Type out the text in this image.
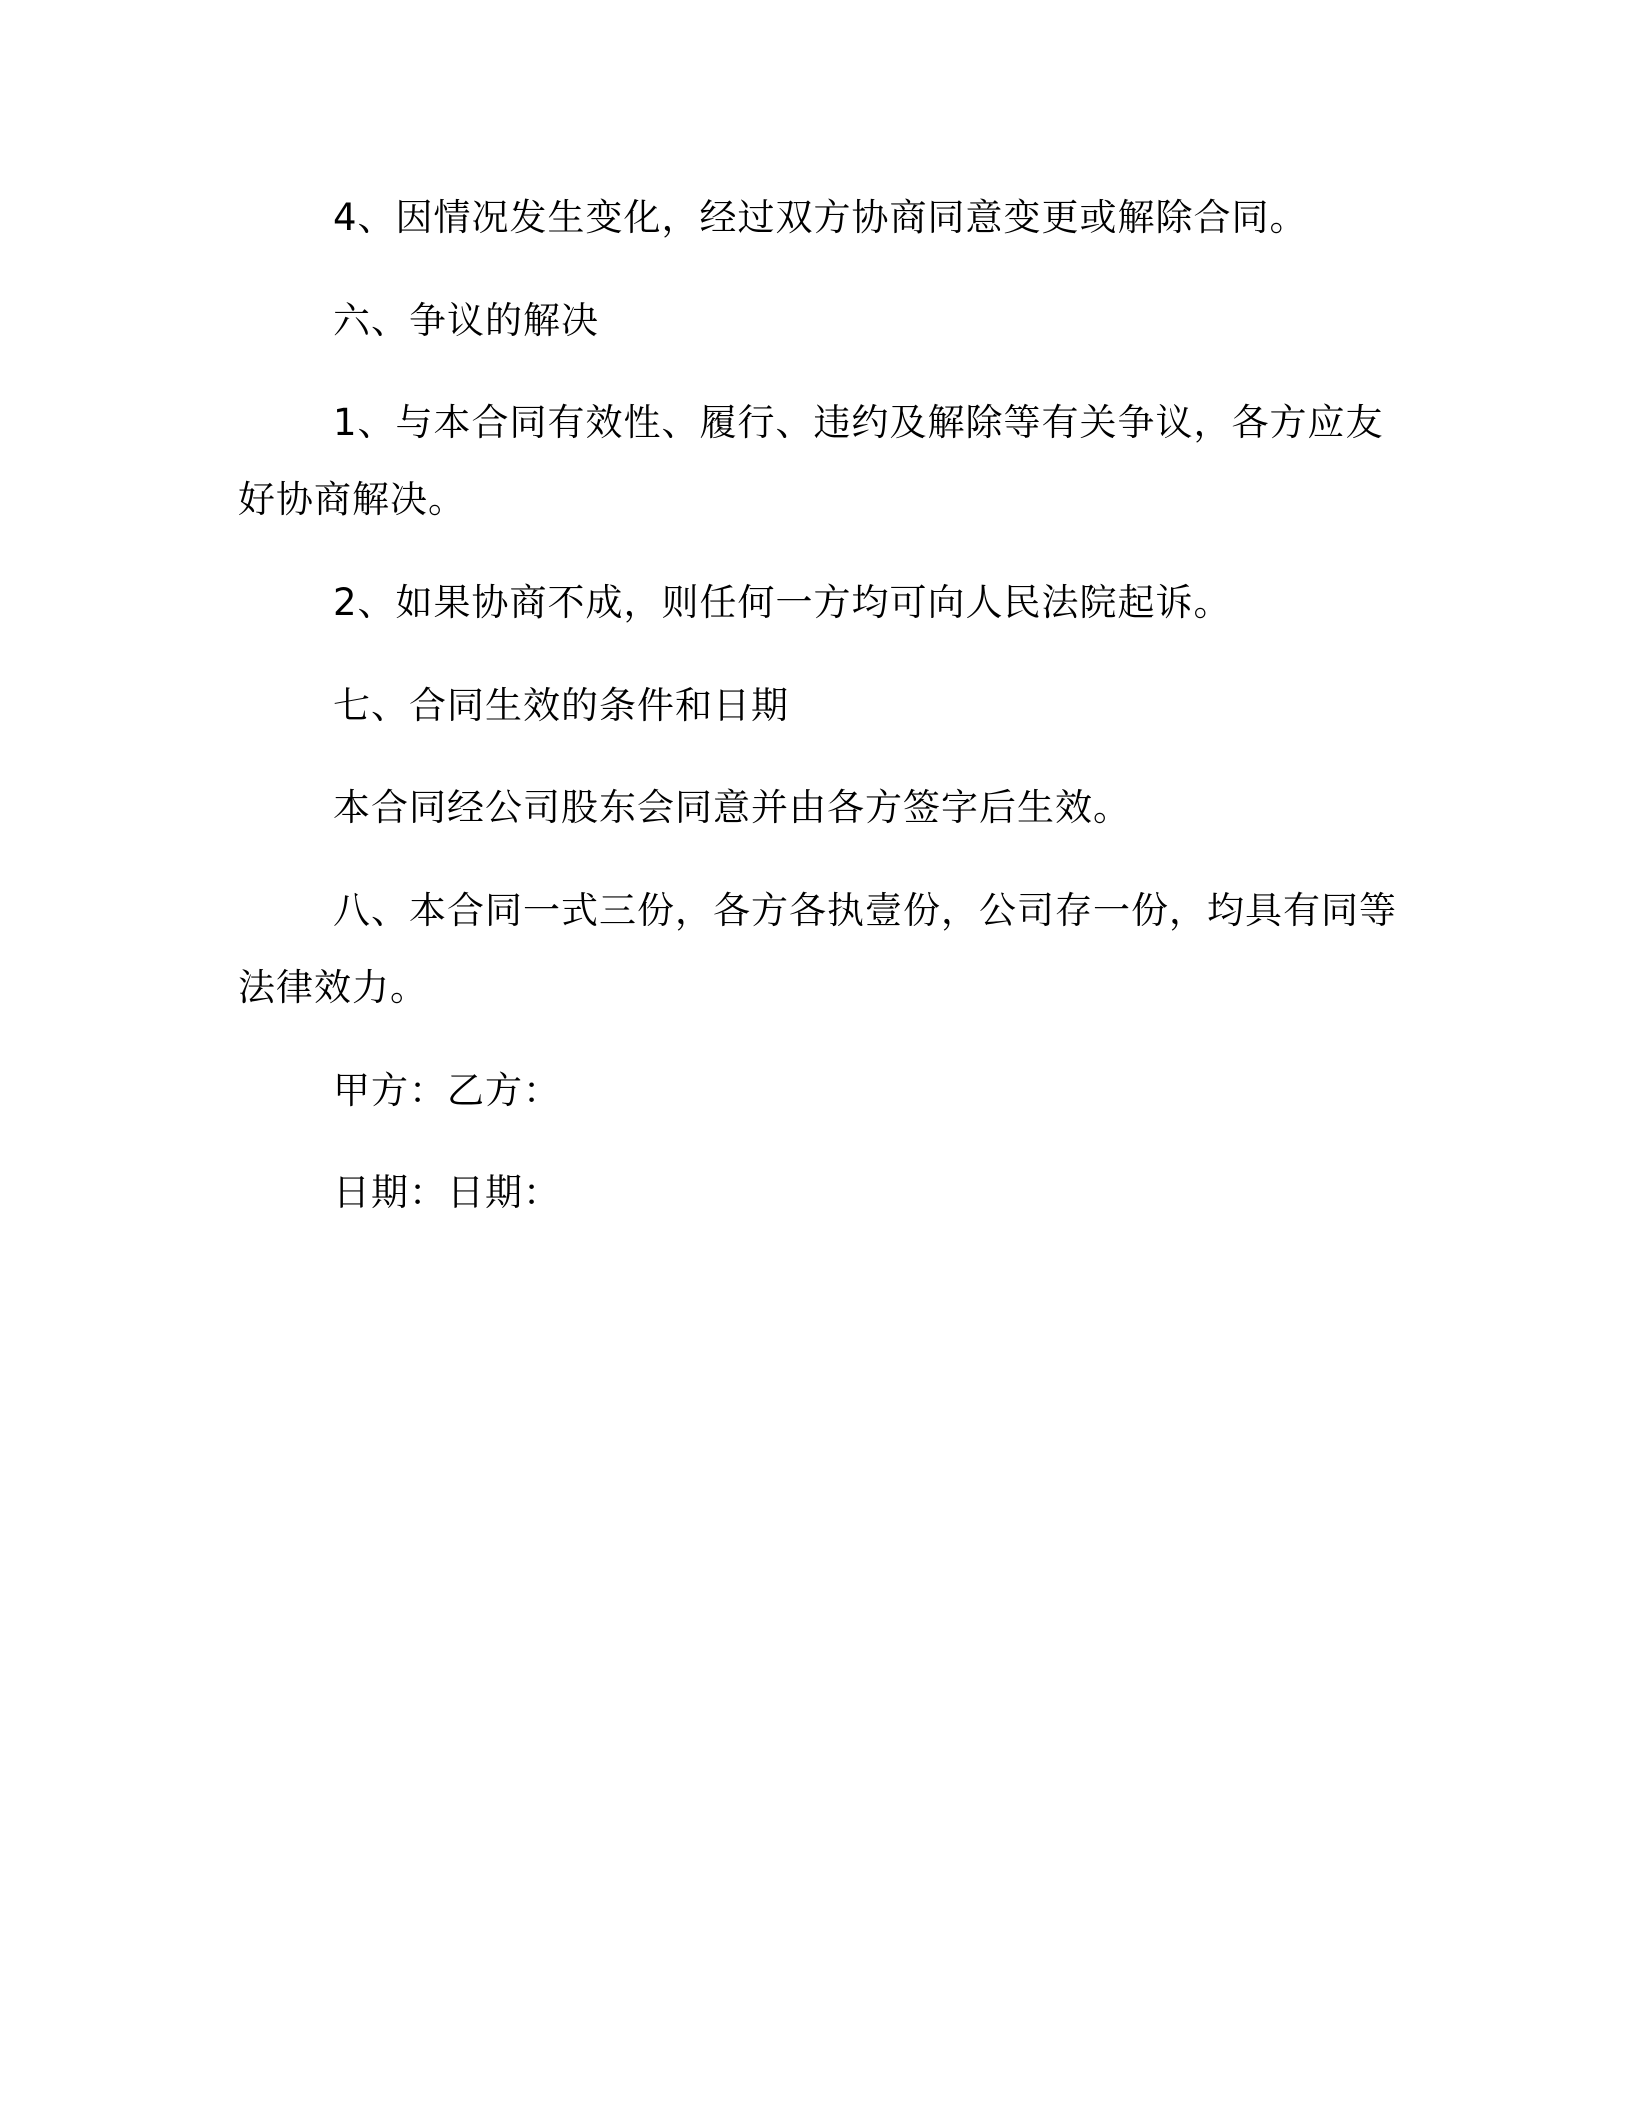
4、因情况发生变化，经过双方协商同意变更或解除合同。
六、争议的解决
1、与本合同有效性、履行、违约及解除等有关争议，各方应友
好协商解决。
2、如果协商不成，则任何一方均可向人民法院起诉。
七、合同生效的条件和日期
本合同经公司股东会同意并由各方签字后生效。
八、本合同一式三份，各方各执壹份，公司存一份，均具有同等
法律效力。
甲方：乙方：
日期：日期：
